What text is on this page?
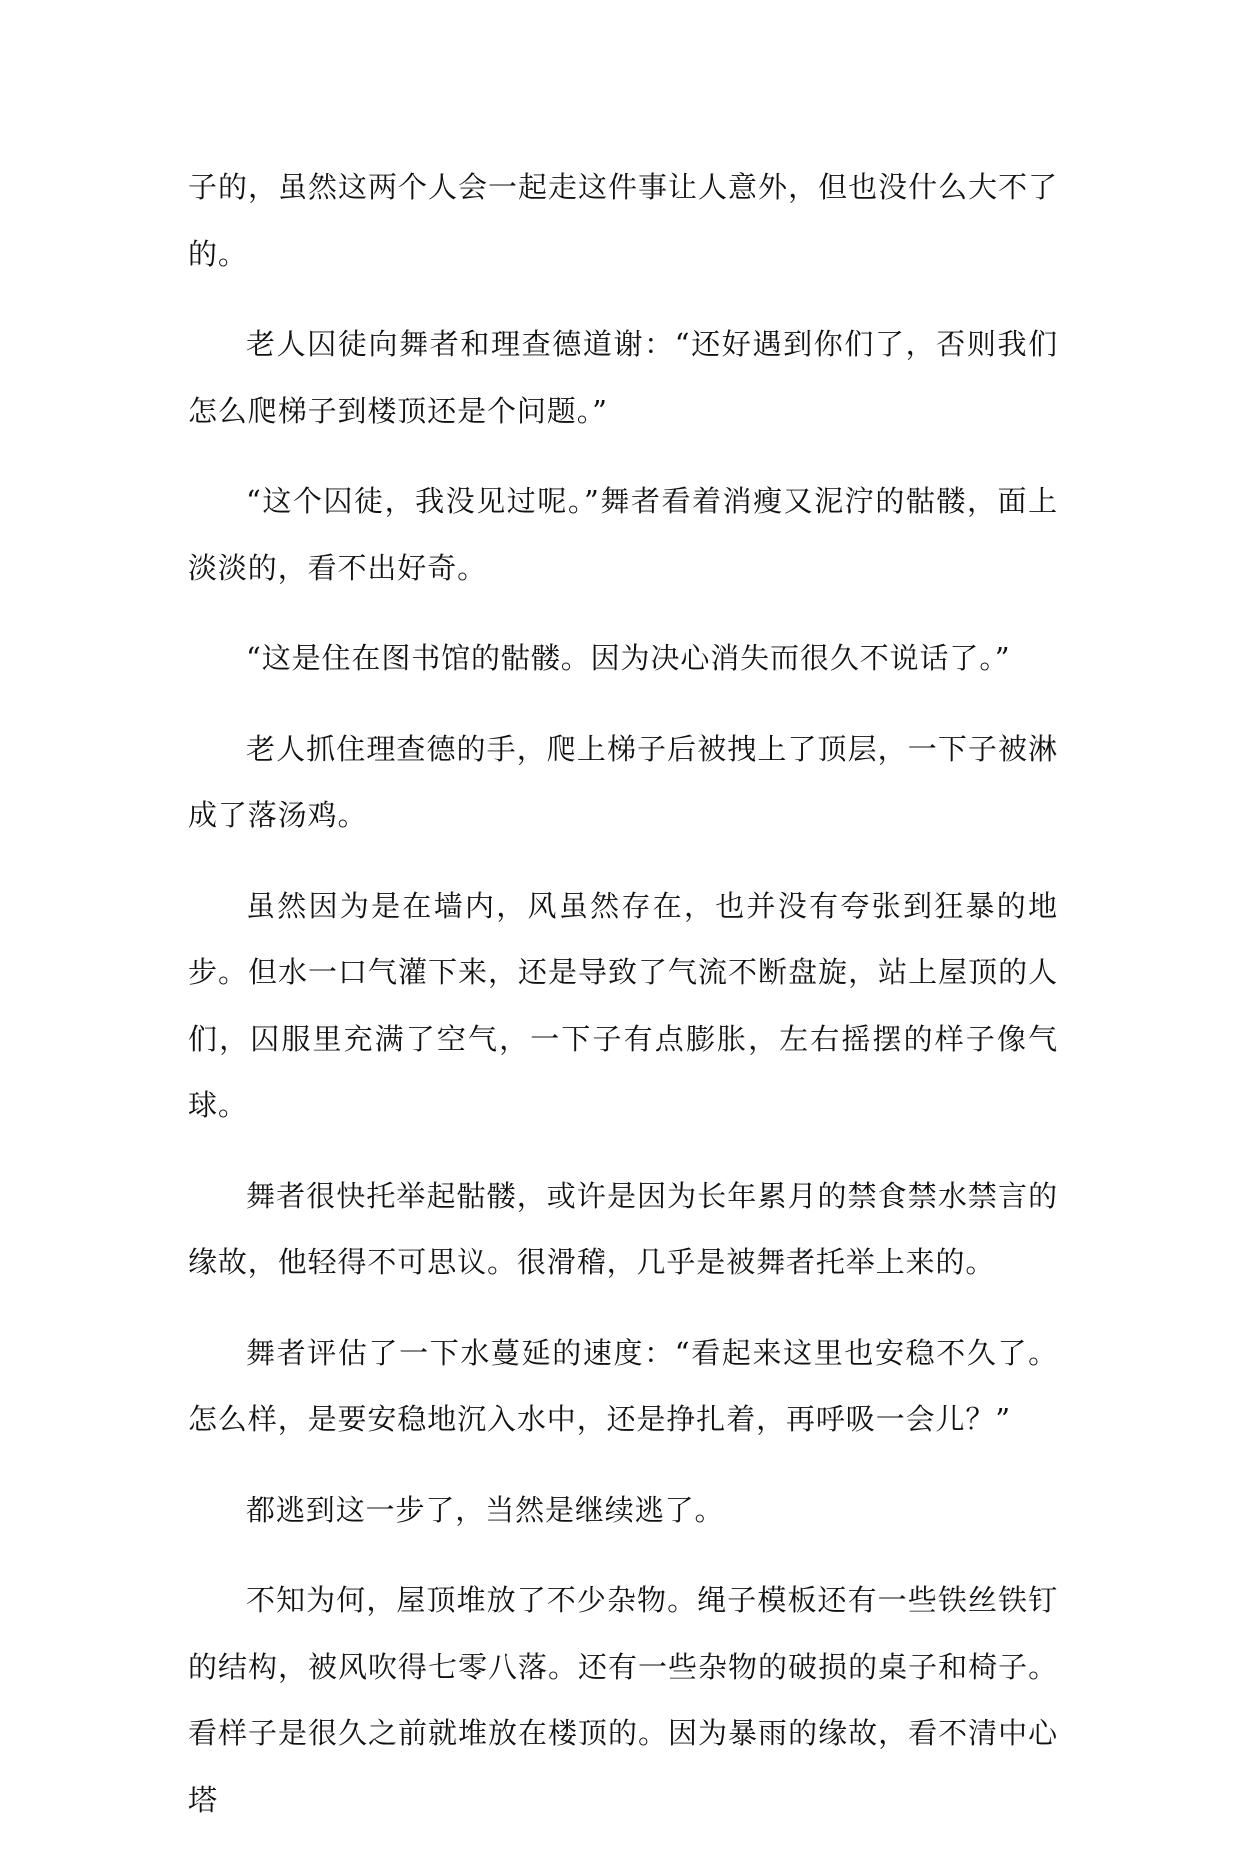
子的，虽然这两个人会一起走这件事让人意外，但也没什么大不了的。

老人囚徒向舞者和理查德道谢：“还好遇到你们了，否则我们怎么爬梯子到楼顶还是个问题。”

“这个囚徒，我没见过呢。”舞者看着消瘦又泥泞的骷髅，面上淡淡的，看不出好奇。

“这是住在图书馆的骷髅。因为决心消失而很久不说话了。”

老人抓住理查德的手，爬上梯子后被拽上了顶层，一下子被淋成了落汤鸡。

虽然因为是在墙内，风虽然存在，也并没有夸张到狂暴的地步。但水一口气灌下来，还是导致了气流不断盘旋，站上屋顶的人们，囚服里充满了空气，一下子有点膨胀，左右摇摆的样子像气球。

舞者很快托举起骷髅，或许是因为长年累月的禁食禁水禁言的缘故，他轻得不可思议。很滑稽，几乎是被舞者托举上来的。

舞者评估了一下水蔓延的速度：“看起来这里也安稳不久了。怎么样，是要安稳地沉入水中，还是挣扎着，再呼吸一会儿？”

都逃到这一步了，当然是继续逃了。

不知为何，屋顶堆放了不少杂物。绳子模板还有一些铁丝铁钉的结构，被风吹得七零八落。还有一些杂物的破损的桌子和椅子。看样子是很久之前就堆放在楼顶的。因为暴雨的缘故，看不清中心塔
